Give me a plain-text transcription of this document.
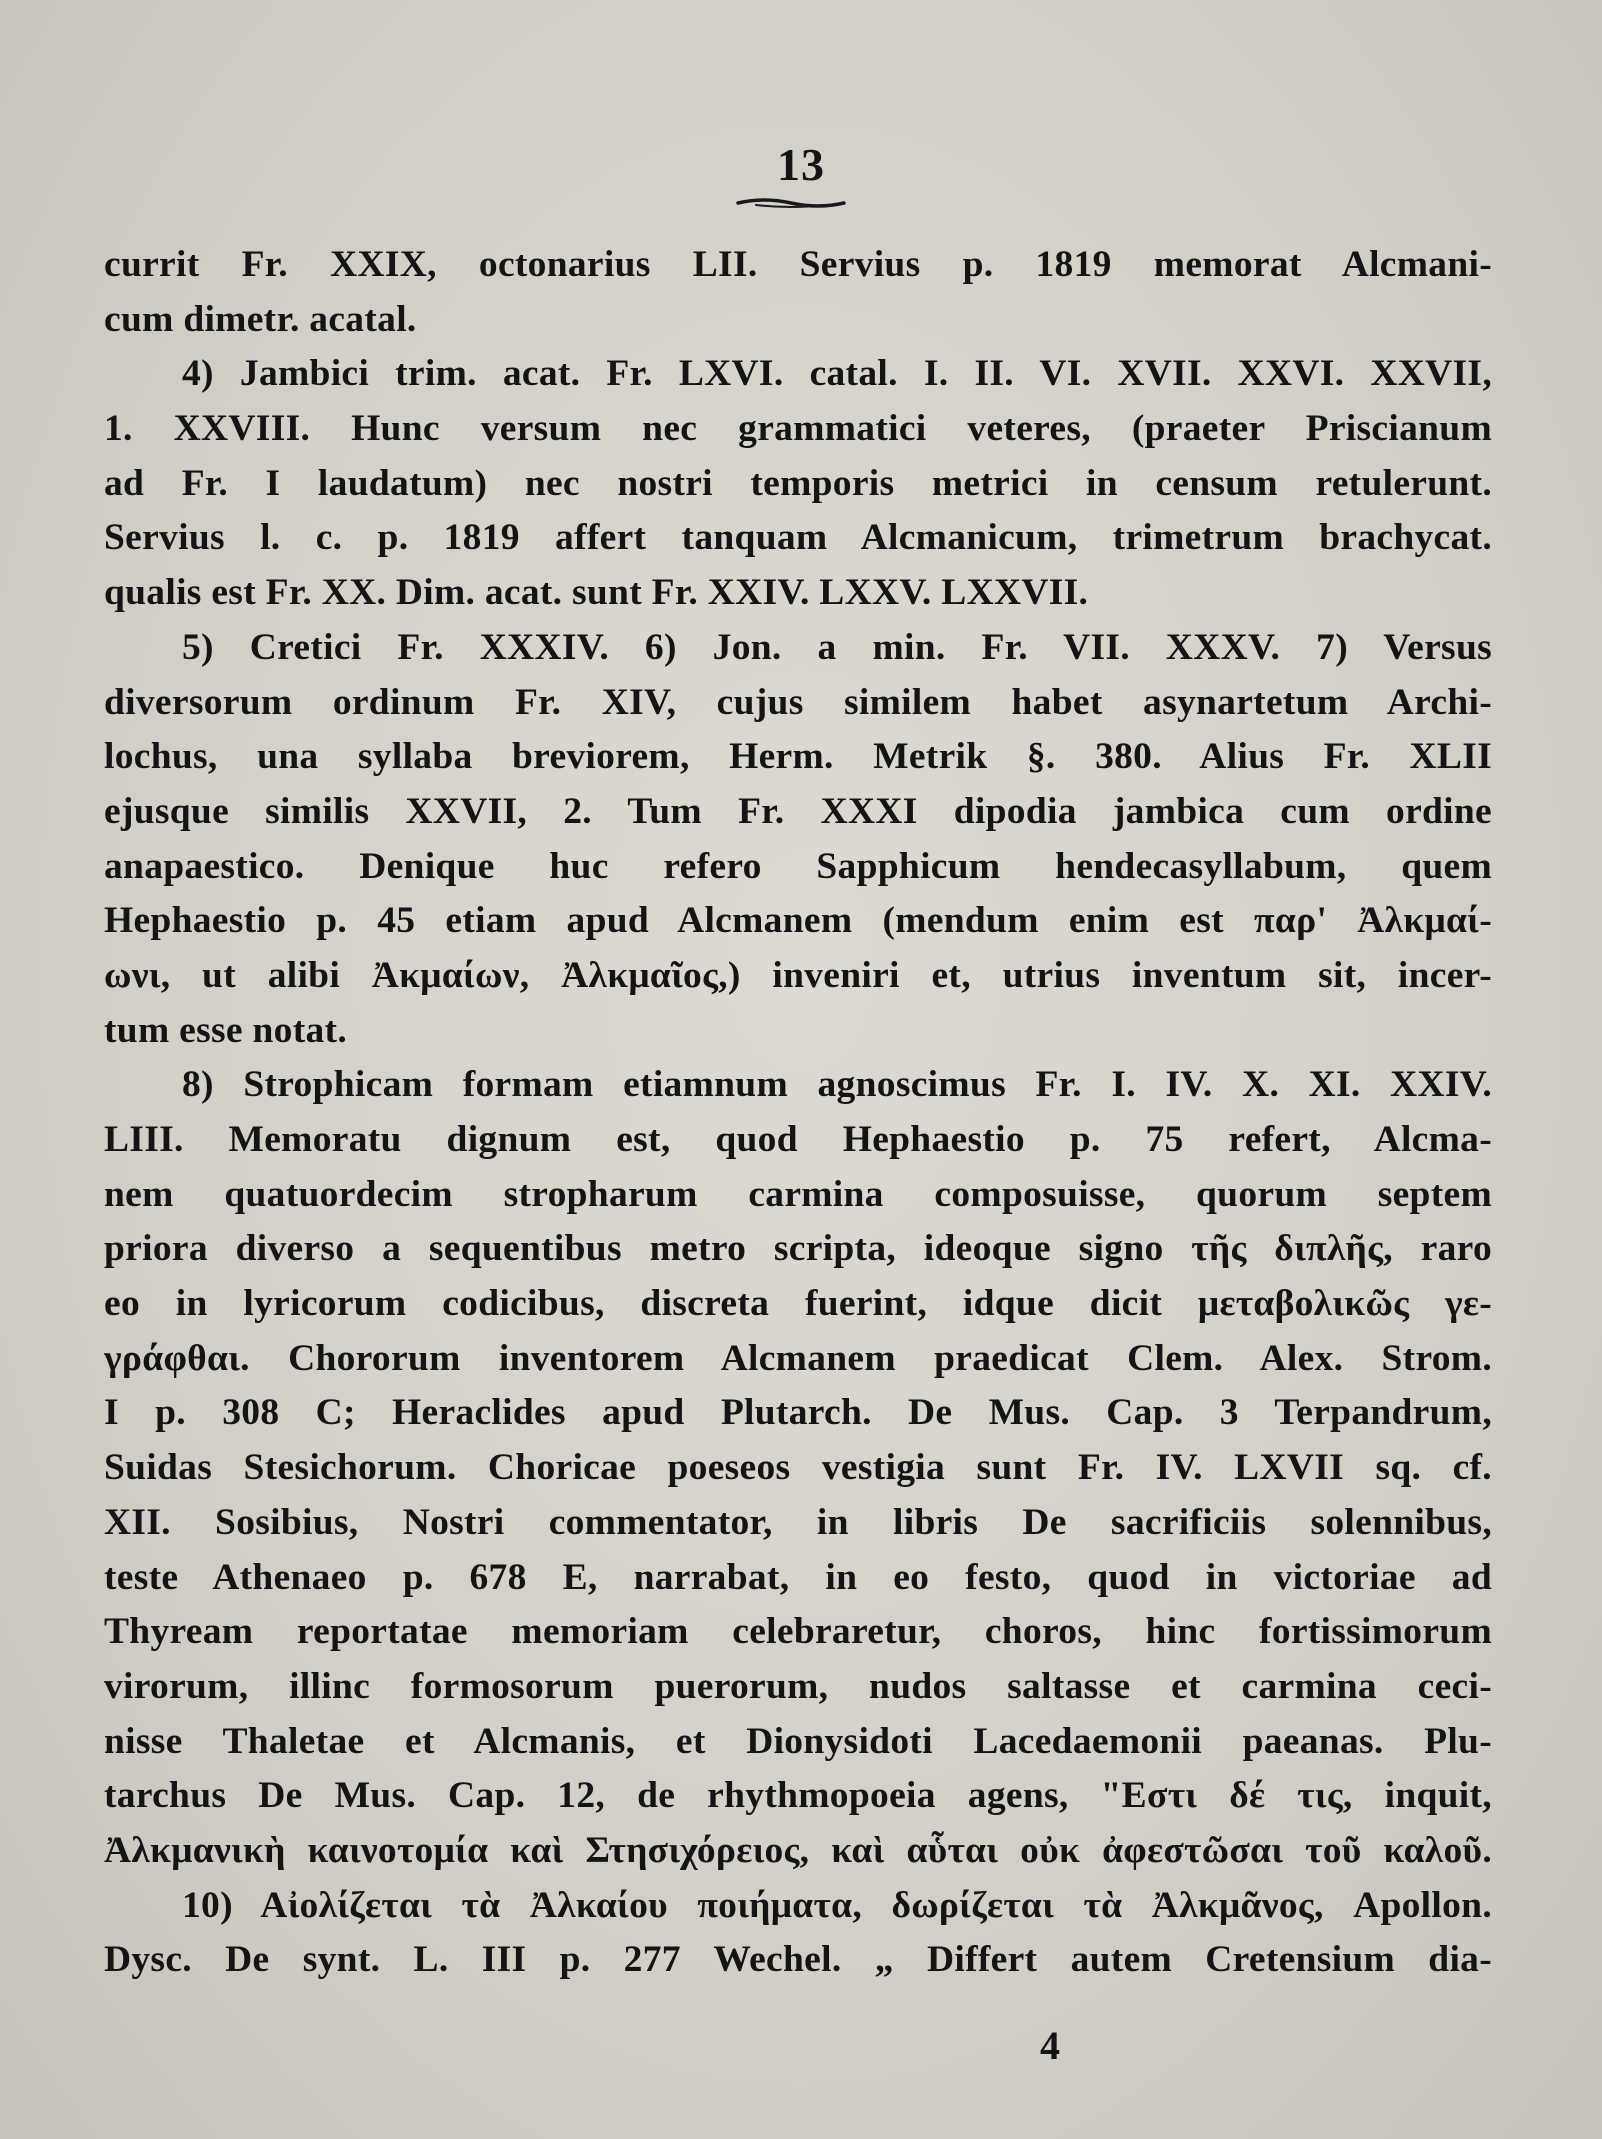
13
currit Fr. XXIX, octonarius LII. Servius p. 1819 memorat Alcmani-
cum dimetr. acatal.
4) Jambici trim. acat. Fr. LXVI. catal. I. II. VI. XVII. XXVI. XXVII,
1. XXVIII. Hunc versum nec grammatici veteres, (praeter Priscianum
ad Fr. I laudatum) nec nostri temporis metrici in censum retulerunt.
Servius l. c. p. 1819 affert tanquam Alcmanicum, trimetrum brachycat.
qualis est Fr. XX. Dim. acat. sunt Fr. XXIV. LXXV. LXXVII.
5) Cretici Fr. XXXIV. 6) Jon. a min. Fr. VII. XXXV. 7) Versus
diversorum ordinum Fr. XIV, cujus similem habet asynartetum Archi-
lochus, una syllaba breviorem, Herm. Metrik §. 380. Alius Fr. XLII
ejusque similis XXVII, 2. Tum Fr. XXXI dipodia jambica cum ordine
anapaestico. Denique huc refero Sapphicum hendecasyllabum, quem
Hephaestio p. 45 etiam apud Alcmanem (mendum enim est παρ' Ἀλκμαί-
ωνι, ut alibi Ἀκμαίων, Ἀλκμαῖος,) inveniri et, utrius inventum sit, incer-
tum esse notat.
8) Strophicam formam etiamnum agnoscimus Fr. I. IV. X. XI. XXIV.
LIII. Memoratu dignum est, quod Hephaestio p. 75 refert, Alcma-
nem quatuordecim stropharum carmina composuisse, quorum septem
priora diverso a sequentibus metro scripta, ideoque signo τῆς διπλῆς, raro
eo in lyricorum codicibus, discreta fuerint, idque dicit μεταβολικῶς γε-
γράφθαι. Chororum inventorem Alcmanem praedicat Clem. Alex. Strom.
I p. 308 C; Heraclides apud Plutarch. De Mus. Cap. 3 Terpandrum,
Suidas Stesichorum. Choricae poeseos vestigia sunt Fr. IV. LXVII sq. cf.
XII. Sosibius, Nostri commentator, in libris De sacrificiis solennibus,
teste Athenaeo p. 678 E, narrabat, in eo festo, quod in victoriae ad
Thyream reportatae memoriam celebraretur, choros, hinc fortissimorum
virorum, illinc formosorum puerorum, nudos saltasse et carmina ceci-
nisse Thaletae et Alcmanis, et Dionysidoti Lacedaemonii paeanas. Plu-
tarchus De Mus. Cap. 12, de rhythmopoeia agens, "Εστι δέ τις, inquit,
Ἀλκμανικὴ καινοτομία καὶ Στησιχόρειος, καὶ αὗται οὐκ ἀφεστῶσαι τοῦ καλοῦ.
10) Αἰολίζεται τὰ Ἀλκαίου ποιήματα, δωρίζεται τὰ Ἀλκμᾶνος, Apollon.
Dysc. De synt. L. III p. 277 Wechel. „ Differt autem Cretensium dia-
4
